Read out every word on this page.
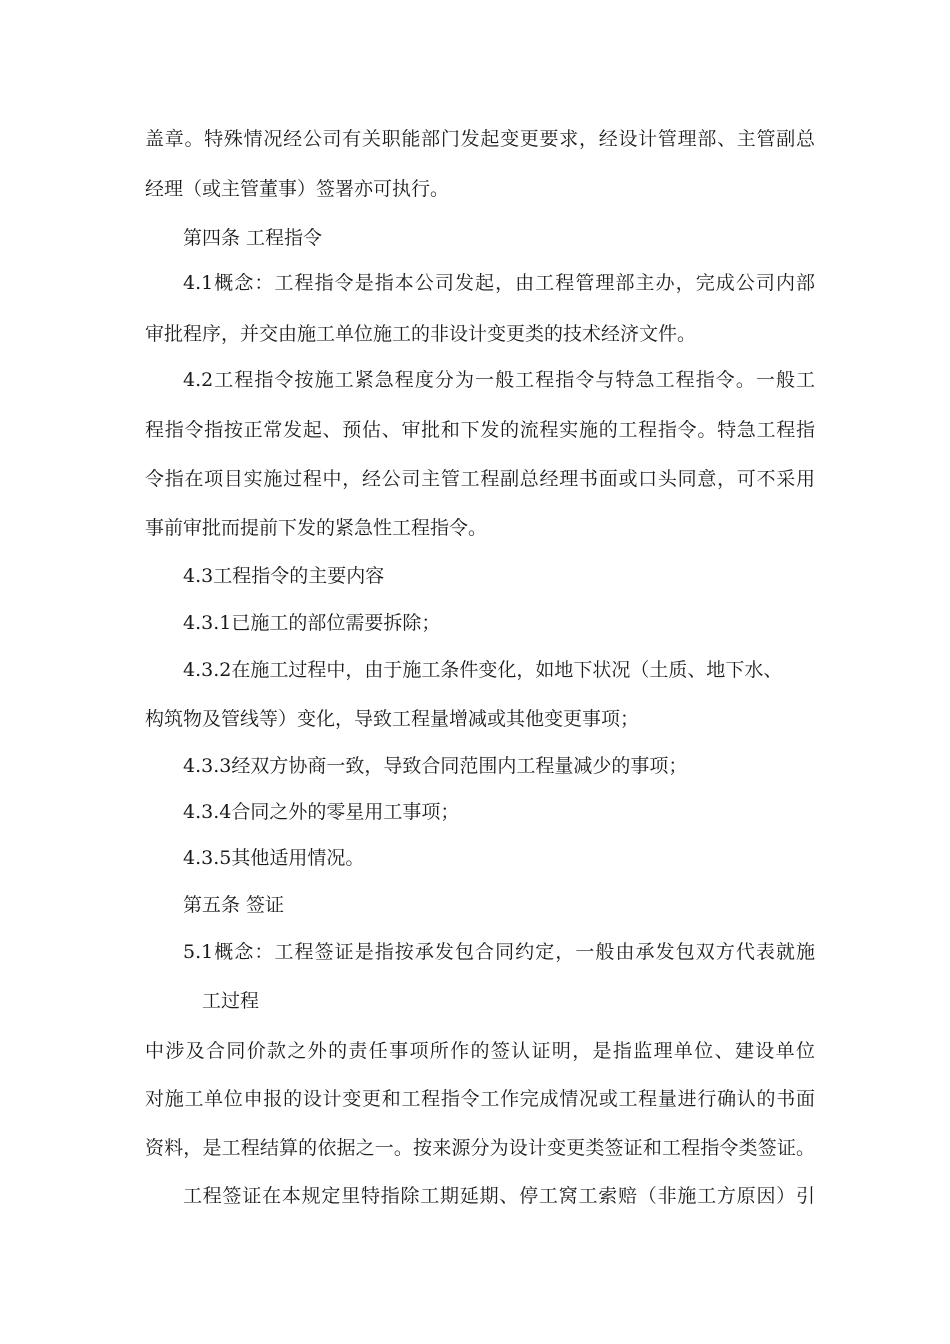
盖章。特殊情况经公司有关职能部门发起变更要求，经设计管理部、主管副总
经理（或主管董事）签署亦可执行。
第四条 工程指令
4.1概念：工程指令是指本公司发起，由工程管理部主办，完成公司内部
审批程序，并交由施工单位施工的非设计变更类的技术经济文件。
4.2工程指令按施工紧急程度分为一般工程指令与特急工程指令。一般工
程指令指按正常发起、预估、审批和下发的流程实施的工程指令。特急工程指
令指在项目实施过程中，经公司主管工程副总经理书面或口头同意，可不采用
事前审批而提前下发的紧急性工程指令。
4.3工程指令的主要内容
4.3.1已施工的部位需要拆除；
4.3.2在施工过程中，由于施工条件变化，如地下状况（土质、地下水、
构筑物及管线等）变化，导致工程量增减或其他变更事项；
4.3.3经双方协商一致，导致合同范围内工程量减少的事项；
4.3.4合同之外的零星用工事项；
4.3.5其他适用情况。
第五条 签证
5.1概念：工程签证是指按承发包合同约定，一般由承发包双方代表就施
工过程
中涉及合同价款之外的责任事项所作的签认证明，是指监理单位、建设单位
对施工单位申报的设计变更和工程指令工作完成情况或工程量进行确认的书面
资料，是工程结算的依据之一。按来源分为设计变更类签证和工程指令类签证。
工程签证在本规定里特指除工期延期、停工窝工索赔（非施工方原因）引
